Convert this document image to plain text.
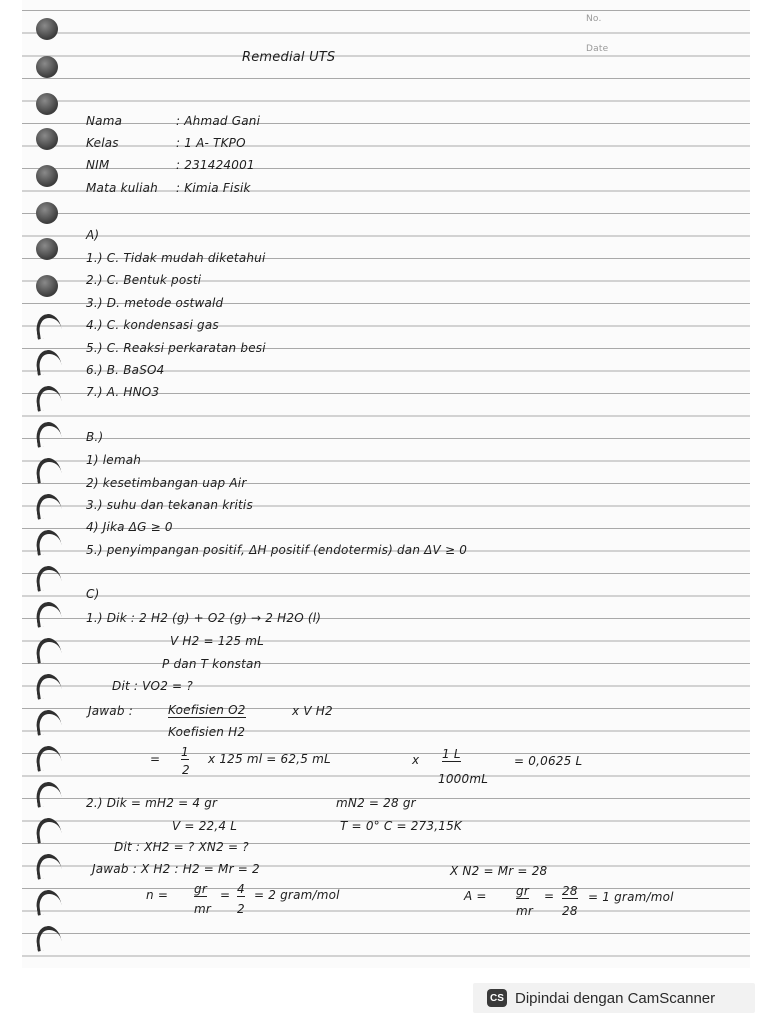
No.
Date
Remedial UTS
Nama	: Ahmad Gani
Kelas	: 1 A- TKPO
NIM	: 231424001
Mata kuliah : Kimia Fisik
A)
1.) C. Tidak mudah diketahui
2.) C. Bentuk posti
3.) D. metode ostwald
4.) C. kondensasi gas
5.) C. Reaksi perkaratan besi
6.) B. BaSO4
7.) A. HNO3
B.)
1) lemah
2) kesetimbangan uap Air
3.) suhu dan tekanan kritis
4) Jika ΔG ≥ 0
5.) penyimpangan positif, ΔH positif (endotermis) dan ΔV ≥ 0
C)
1.) Dik : 2 H2 (g) + O2 (g) → 2 H2O (l)
V H2 = 125 mL
P dan T konstan
Dit : VO2 = ?
Jawab :	Koefisien O2	x V H2
Koefisien H2
= 1
2
x 125 ml = 62,5 mL	x 1 L
1000mL
= 0,0625 L
2.) Dik = mH2 = 4 gr	mN2 = 28 gr
V = 22,4 L	T = 0° C = 273,15K
Dit : XH2 = ? XN2 = ?
Jawab : X H2 : H2 = Mr = 2	X N2 = Mr = 28
n = gr
mr
= 4
2
= 2 gram/mol	A = gr
mr
= 28
28
= 1 gram/mol
CS Dipindai dengan CamScanner
